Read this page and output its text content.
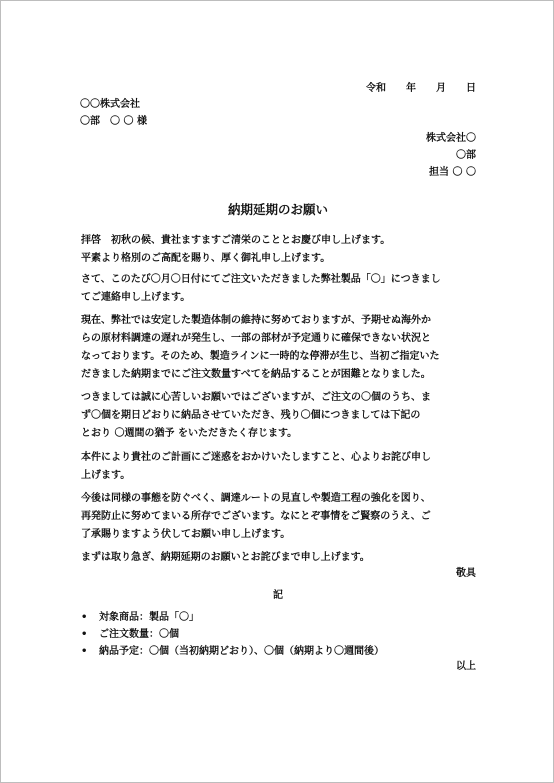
令和　　年　　月　　日
〇〇株式会社
〇部　〇 〇 様
株式会社〇
〇部
担当 〇 〇
納期延期のお願い
拝啓　初秋の候、貴社ますますご清栄のこととお慶び申し上げます。
平素より格別のご高配を賜り、厚く御礼申し上げます。
さて、このたび〇月〇日付にてご注文いただきました弊社製品「〇」につきまし
てご連絡申し上げます。
現在、弊社では安定した製造体制の維持に努めておりますが、予期せぬ海外か
らの原材料調達の遅れが発生し、一部の部材が予定通りに確保できない状況と
なっております。そのため、製造ラインに一時的な停滞が生じ、当初ご指定いた
だきました納期までにご注文数量すべてを納品することが困難となりました。
つきましては誠に心苦しいお願いではございますが、ご注文の〇個のうち、ま
ず〇個を期日どおりに納品させていただき、残り〇個につきましては下記の
とおり 〇週間の猶予 をいただきたく存じます。
本件により貴社のご計画にご迷惑をおかけいたしますこと、心よりお詫び申し
上げます。
今後は同様の事態を防ぐべく、調達ルートの見直しや製造工程の強化を図り、
再発防止に努めてまいる所存でございます。なにとぞ事情をご賢察のうえ、ご
了承賜りますよう伏してお願い申し上げます。
まずは取り急ぎ、納期延期のお願いとお詫びまで申し上げます。
敬具
記
• 対象商品：製品「〇」
• ご注文数量：〇個
• 納品予定：〇個（当初納期どおり）、〇個（納期より〇週間後）
以上
